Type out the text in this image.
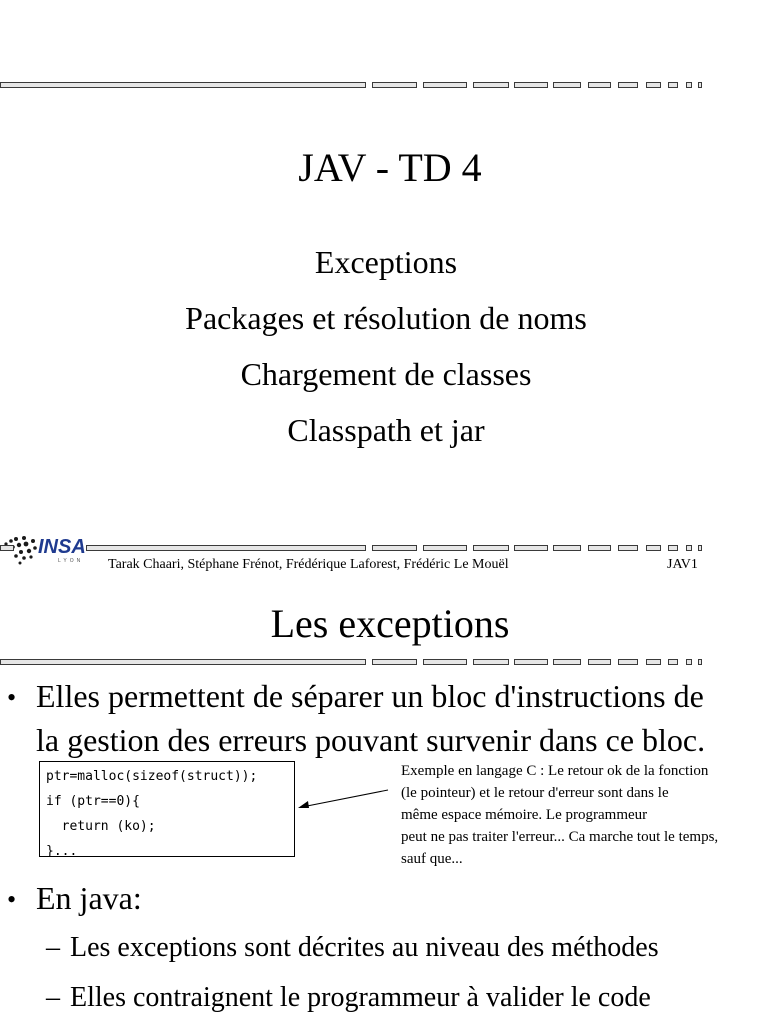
JAV - TD 4
Exceptions
Packages et résolution de noms
Chargement de classes
Classpath et jar
INSA
LYON Tarak Chaari, Stéphane Frénot, Frédérique Laforest, Frédéric Le Mouël	JAV1
Les exceptions
• Elles permettent de séparer un bloc d'instructions de
la gestion des erreurs pouvant survenir dans ce bloc.
ptr=malloc(sizeof(struct));
if (ptr==0){
return (ko);
}...
Exemple en langage C : Le retour ok de la fonction
(le pointeur) et le retour d'erreur sont dans le
même espace mémoire. Le programmeur
peut ne pas traiter l'erreur... Ca marche tout le temps,
sauf que...
• En java:
– Les exceptions sont décrites au niveau des méthodes
– Elles contraignent le programmeur à valider le code
